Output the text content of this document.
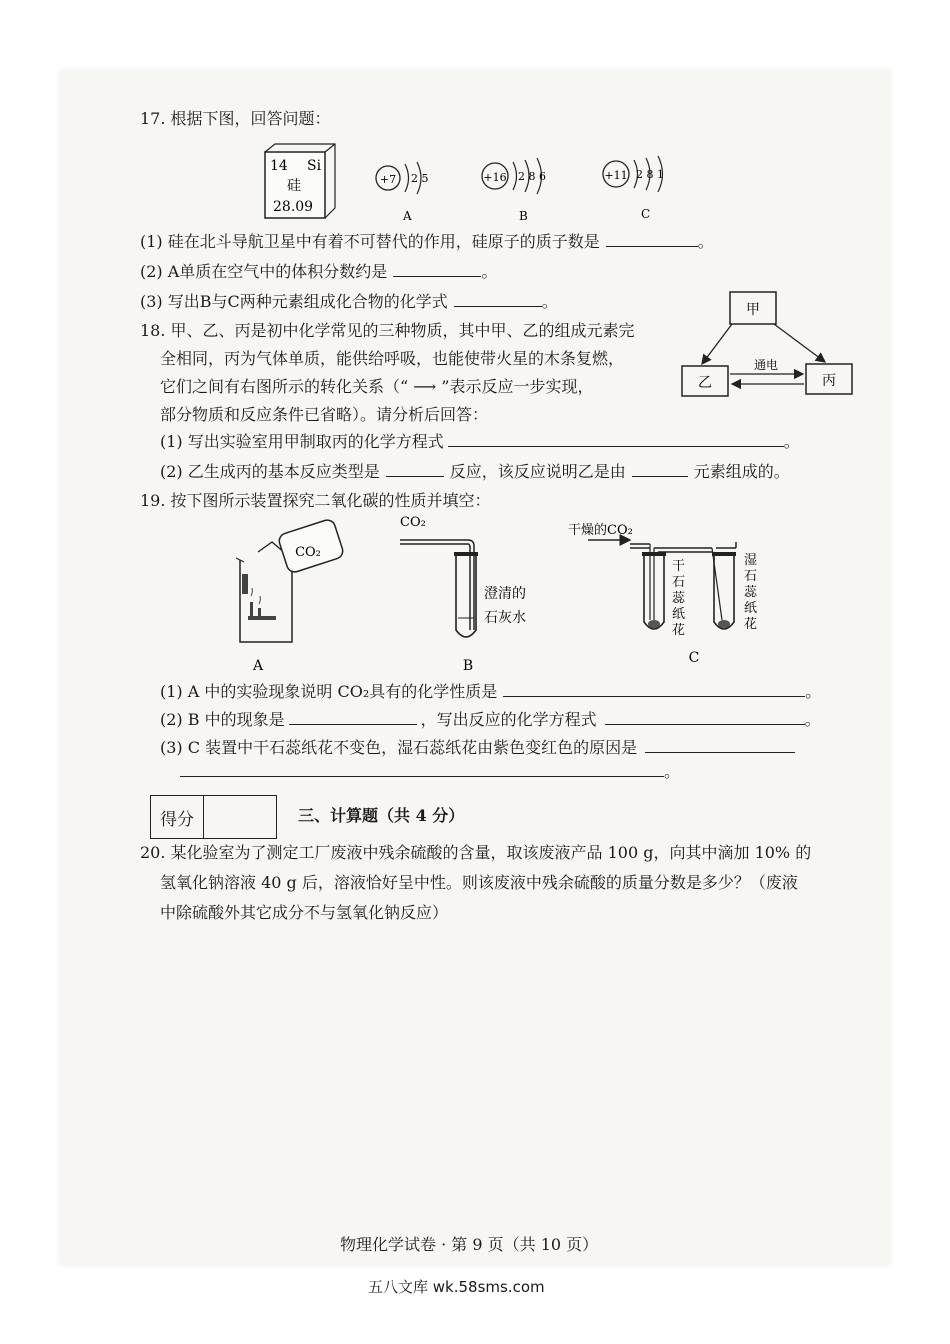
17. 根据下图，回答问题：
14 Si
硅
28.09
+7 2 5
A
+16 2 8 6
B
+11 2 8 1
C
(1) 硅在北斗导航卫星中有着不可替代的作用，硅原子的质子数是	。
(2) A单质在空气中的体积分数约是	。
(3) 写出B与C两种元素组成化合物的化学式	。
18. 甲、乙、丙是初中化学常见的三种物质，其中甲、乙的组成元素完
全相同，丙为气体单质，能供给呼吸，也能使带火星的木条复燃，
它们之间有右图所示的转化关系（“ ⟶ ”表示反应一步实现，
部分物质和反应条件已省略）。请分析后回答：
甲
乙	丙
通电
(1) 写出实验室用甲制取丙的化学方程式	。
(2) 乙生成丙的基本反应类型是	反应，该反应说明乙是由	元素组成的。
19. 按下图所示装置探究二氧化碳的性质并填空：
CO₂
A
CO₂
澄清的
石灰水
B
干燥的CO₂
干
石
蕊
纸
花
湿
石
蕊
纸
花
C
(1) A 中的实验现象说明 CO₂具有的化学性质是	。
(2) B 中的现象是	，写出反应的化学方程式	。
(3) C 装置中干石蕊纸花不变色，湿石蕊纸花由紫色变红色的原因是
。
得分	三、计算题（共 4 分）
20. 某化验室为了测定工厂废液中残余硫酸的含量，取该废液产品 100 g，向其中滴加 10% 的
氢氧化钠溶液 40 g 后，溶液恰好呈中性。则该废液中残余硫酸的质量分数是多少？（废液
中除硫酸外其它成分不与氢氧化钠反应）
物理化学试卷 · 第 9 页（共 10 页）
五八文库 wk.58sms.com
